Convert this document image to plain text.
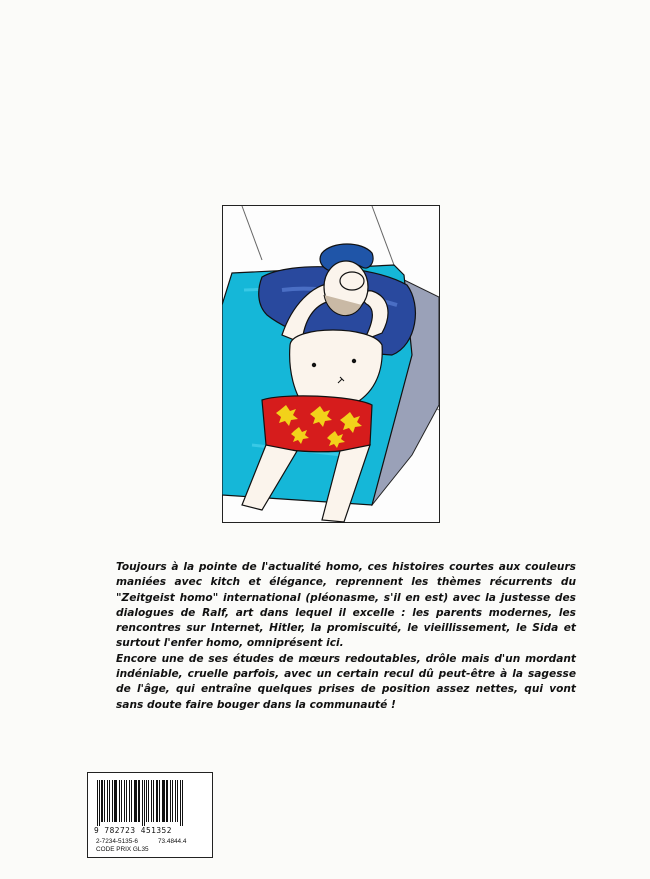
Toujours à la pointe de l'actualité homo, ces histoires courtes aux couleurs maniées avec kitch et élégance, reprennent les thèmes récurrents du "Zeitgeist homo" international (pléonasme, s'il en est) avec la justesse des dialogues de Ralf, art dans lequel il excelle : les parents modernes, les rencontres sur Internet, Hitler, la promiscuité, le vieillissement, le Sida et surtout l'enfer homo, omniprésent ici.

Encore une de ses études de mœurs redoutables, drôle mais d'un mordant indéniable, cruelle parfois, avec un certain recul dû peut-être à la sagesse de l'âge, qui entraîne quelques prises de position assez nettes, qui vont sans doute faire bouger dans la communauté !

9 782723 451352
2-7234-5135-6	73.4844.4
CODE PRIX GL35
